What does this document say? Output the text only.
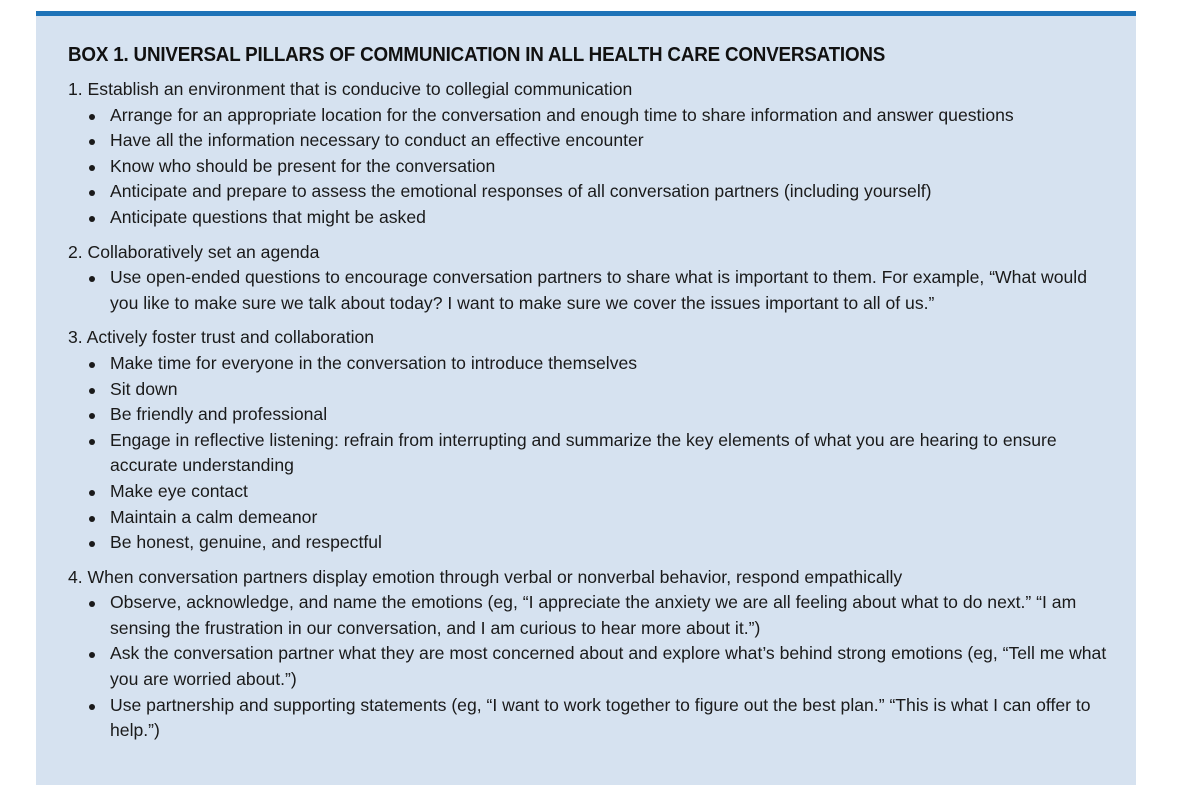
BOX 1. UNIVERSAL PILLARS OF COMMUNICATION IN ALL HEALTH CARE CONVERSATIONS
1. Establish an environment that is conducive to collegial communication
Arrange for an appropriate location for the conversation and enough time to share information and answer questions
Have all the information necessary to conduct an effective encounter
Know who should be present for the conversation
Anticipate and prepare to assess the emotional responses of all conversation partners (including yourself)
Anticipate questions that might be asked
2. Collaboratively set an agenda
Use open-ended questions to encourage conversation partners to share what is important to them. For example, “What would you like to make sure we talk about today? I want to make sure we cover the issues important to all of us.”
3. Actively foster trust and collaboration
Make time for everyone in the conversation to introduce themselves
Sit down
Be friendly and professional
Engage in reflective listening: refrain from interrupting and summarize the key elements of what you are hearing to ensure accurate understanding
Make eye contact
Maintain a calm demeanor
Be honest, genuine, and respectful
4. When conversation partners display emotion through verbal or nonverbal behavior, respond empathically
Observe, acknowledge, and name the emotions (eg, “I appreciate the anxiety we are all feeling about what to do next.” “I am sensing the frustration in our conversation, and I am curious to hear more about it.”)
Ask the conversation partner what they are most concerned about and explore what’s behind strong emotions (eg, “Tell me what you are worried about.”)
Use partnership and supporting statements (eg, “I want to work together to figure out the best plan.” “This is what I can offer to help.”)
